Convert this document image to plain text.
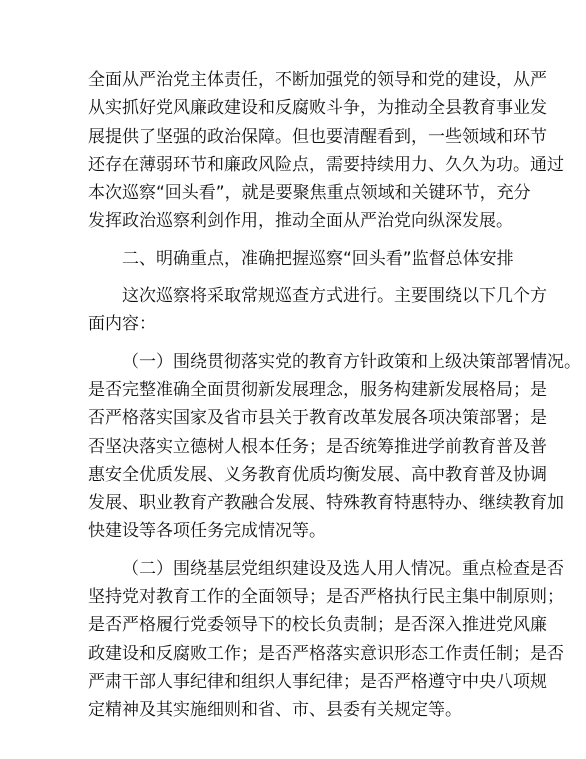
全面从严治党主体责任，不断加强党的领导和党的建设，从严
从实抓好党风廉政建设和反腐败斗争，为推动全县教育事业发
展提供了坚强的政治保障。但也要清醒看到，一些领域和环节
还存在薄弱环节和廉政风险点，需要持续用力、久久为功。通过
本次巡察“回头看”，就是要聚焦重点领域和关键环节，充分
发挥政治巡察利剑作用，推动全面从严治党向纵深发展。
二、明确重点，准确把握巡察“回头看”监督总体安排
这次巡察将采取常规巡查方式进行。主要围绕以下几个方
面内容：
（一）围绕贯彻落实党的教育方针政策和上级决策部署情况。
是否完整准确全面贯彻新发展理念，服务构建新发展格局；是
否严格落实国家及省市县关于教育改革发展各项决策部署；是
否坚决落实立德树人根本任务；是否统筹推进学前教育普及普
惠安全优质发展、义务教育优质均衡发展、高中教育普及协调
发展、职业教育产教融合发展、特殊教育特惠特办、继续教育加
快建设等各项任务完成情况等。
（二）围绕基层党组织建设及选人用人情况。重点检查是否
坚持党对教育工作的全面领导；是否严格执行民主集中制原则；
是否严格履行党委领导下的校长负责制；是否深入推进党风廉
政建设和反腐败工作；是否严格落实意识形态工作责任制；是否
严肃干部人事纪律和组织人事纪律；是否严格遵守中央八项规
定精神及其实施细则和省、市、县委有关规定等。
